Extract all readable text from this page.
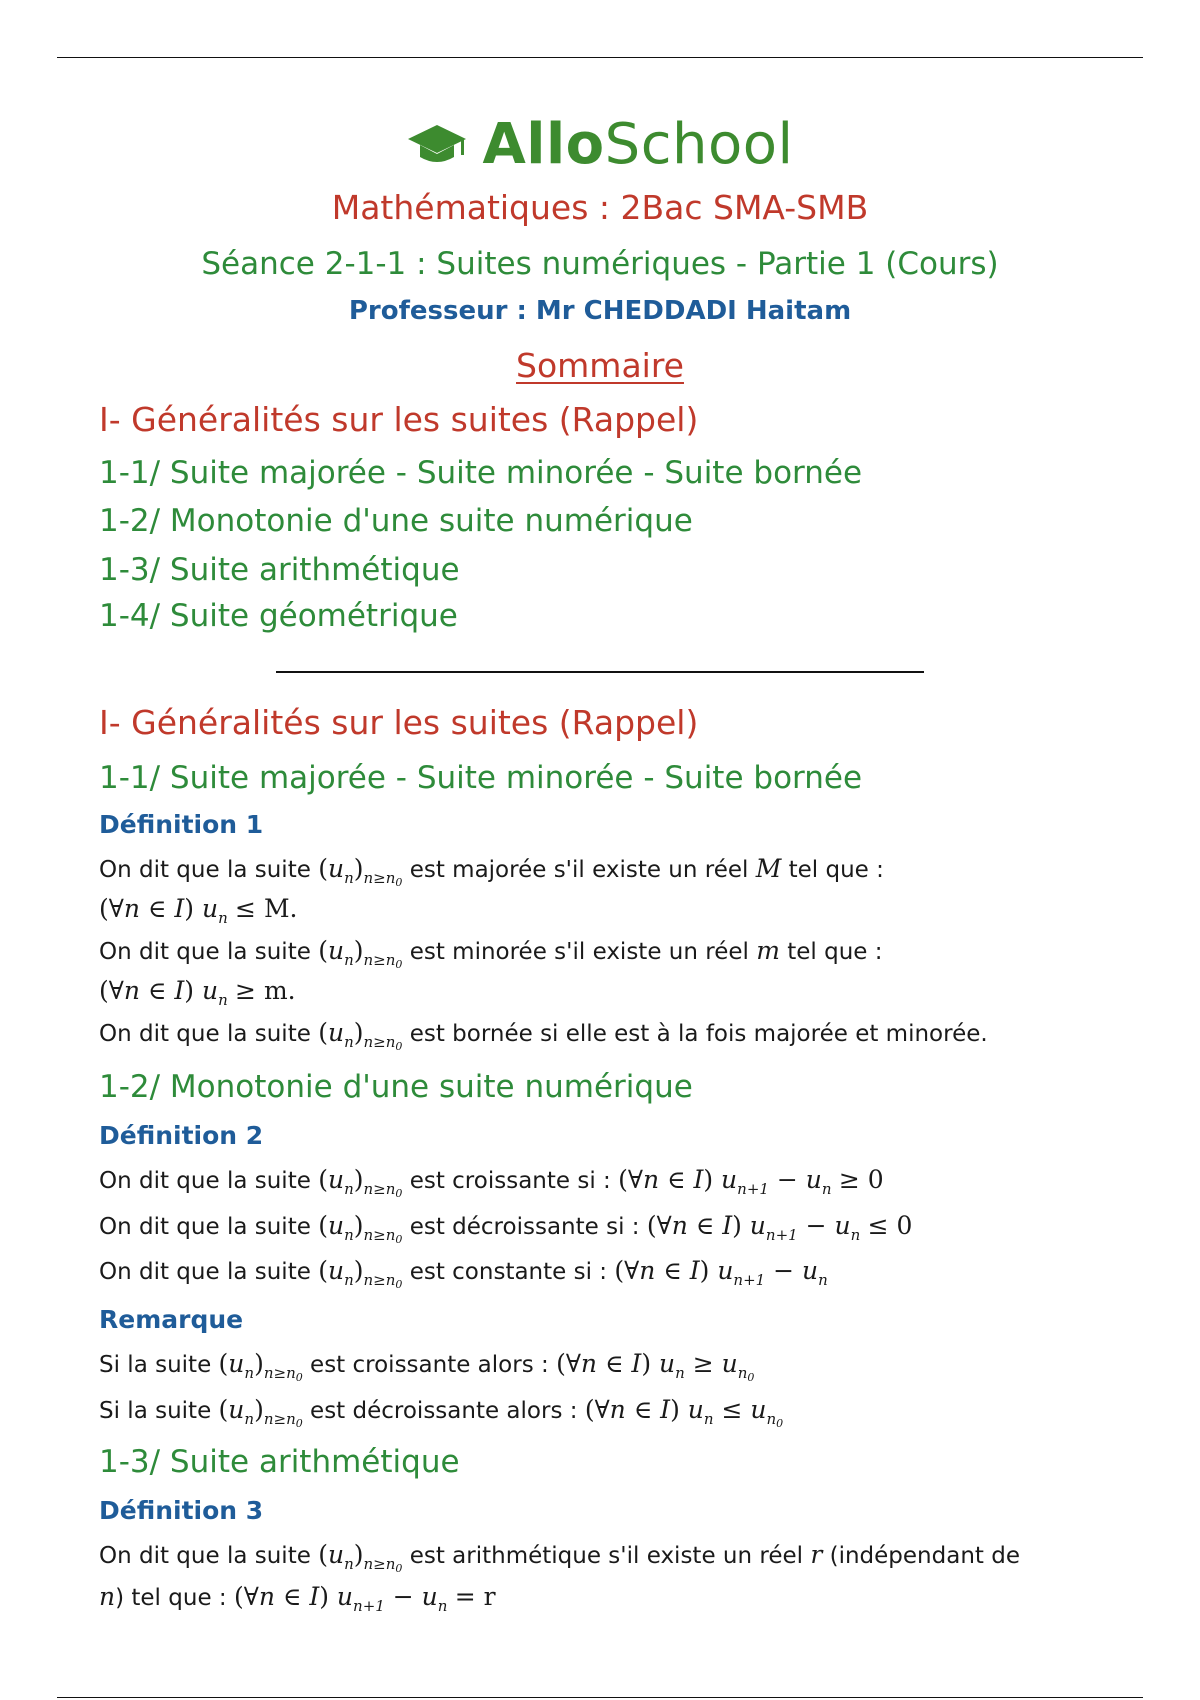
AlloSchool
Mathématiques : 2Bac SMA-SMB
Séance 2-1-1 : Suites numériques - Partie 1 (Cours)
Professeur : Mr CHEDDADI Haitam
Sommaire
I- Généralités sur les suites (Rappel)
1-1/ Suite majorée - Suite minorée - Suite bornée
1-2/ Monotonie d'une suite numérique
1-3/ Suite arithmétique
1-4/ Suite géométrique
I- Généralités sur les suites (Rappel)
1-1/ Suite majorée - Suite minorée - Suite bornée
Définition 1
On dit que la suite $(u_n)_{n\ge n_0}$ est majorée s'il existe un réel M tel que :
(∀n ∈ I) $u_n \le M$.
On dit que la suite $(u_n)_{n\ge n_0}$ est minorée s'il existe un réel m tel que :
(∀n ∈ I) $u_n \ge m$.
On dit que la suite $(u_n)_{n\ge n_0}$ est bornée si elle est à la fois majorée et minorée.
1-2/ Monotonie d'une suite numérique
Définition 2
On dit que la suite $(u_n)_{n\ge n_0}$ est croissante si : (∀n ∈ I) $u_{n+1} - u_n \ge 0$
On dit que la suite $(u_n)_{n\ge n_0}$ est décroissante si : (∀n ∈ I) $u_{n+1} - u_n \le 0$
On dit que la suite $(u_n)_{n\ge n_0}$ est constante si : (∀n ∈ I) $u_{n+1} - u_n$
Remarque
Si la suite $(u_n)_{n\ge n_0}$ est croissante alors : (∀n ∈ I) $u_n \ge u_{n_0}$
Si la suite $(u_n)_{n\ge n_0}$ est décroissante alors : (∀n ∈ I) $u_n \le u_{n_0}$
1-3/ Suite arithmétique
Définition 3
On dit que la suite $(u_n)_{n\ge n_0}$ est arithmétique s'il existe un réel r (indépendant de
n) tel que : (∀n ∈ I) $u_{n+1} - u_n = r$
